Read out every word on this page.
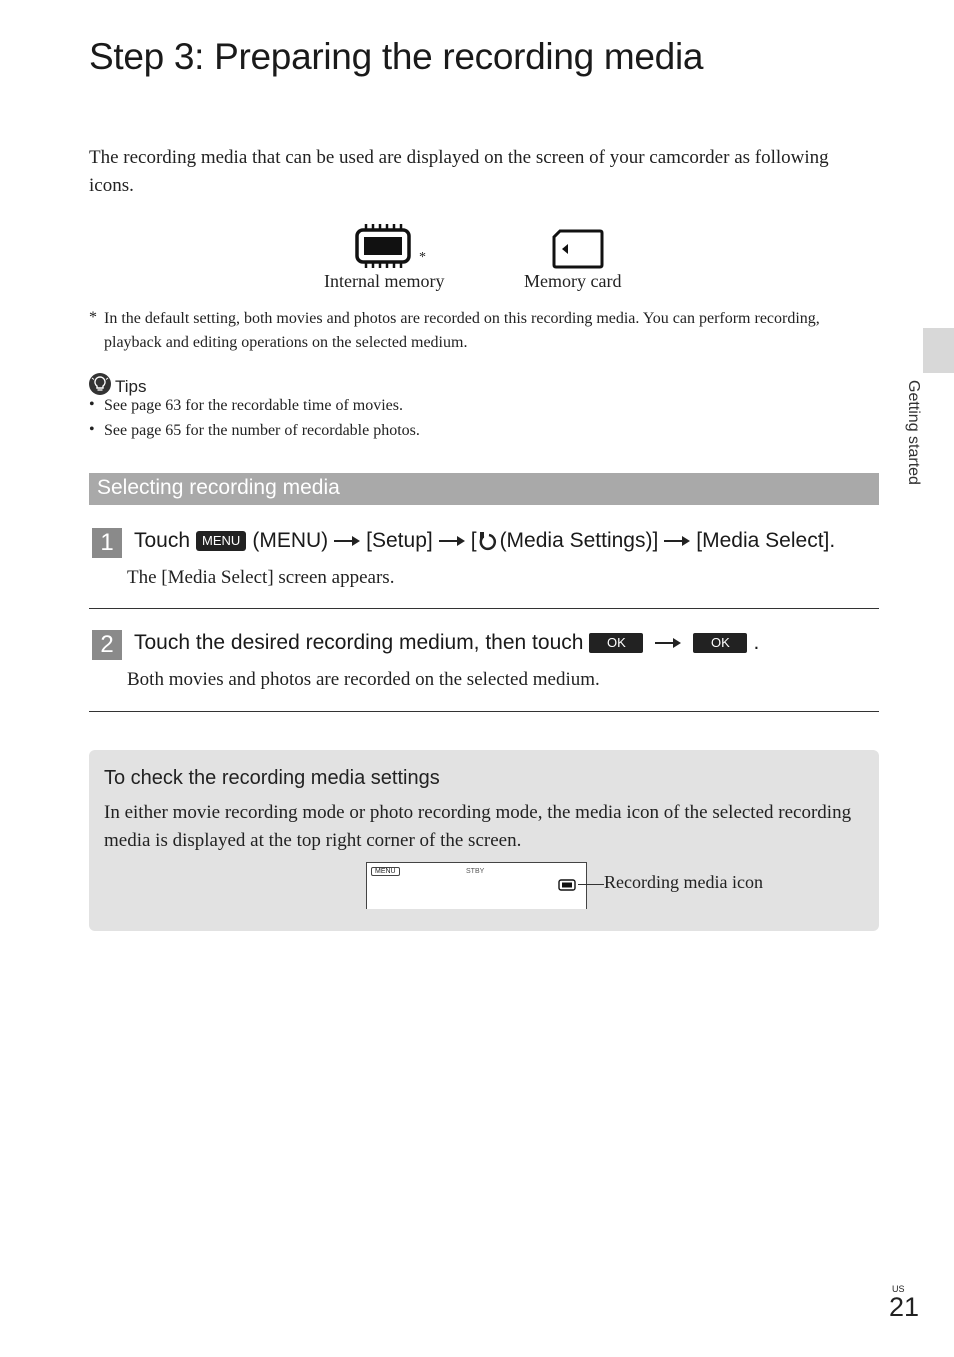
Step 3: Preparing the recording media
The recording media that can be used are displayed on the screen of your camcorder as following icons.
*
Internal memory	Memory card
* In the default setting, both movies and photos are recorded on this recording media. You can perform recording, playback and editing operations on the selected medium.
Tips
• See page 63 for the recordable time of movies.
• See page 65 for the number of recordable photos.
Selecting recording media
1 Touch MENU (MENU) [Setup] [ (Media Settings)] [Media Select].
The [Media Select] screen appears.
2 Touch the desired recording medium, then touch	OK	OK	.
Both movies and photos are recorded on the selected medium.
To check the recording media settings
In either movie recording mode or photo recording mode, the media icon of the selected recording media is displayed at the top right corner of the screen.
MENU	STBY
Recording media icon
Getting started
US
21
